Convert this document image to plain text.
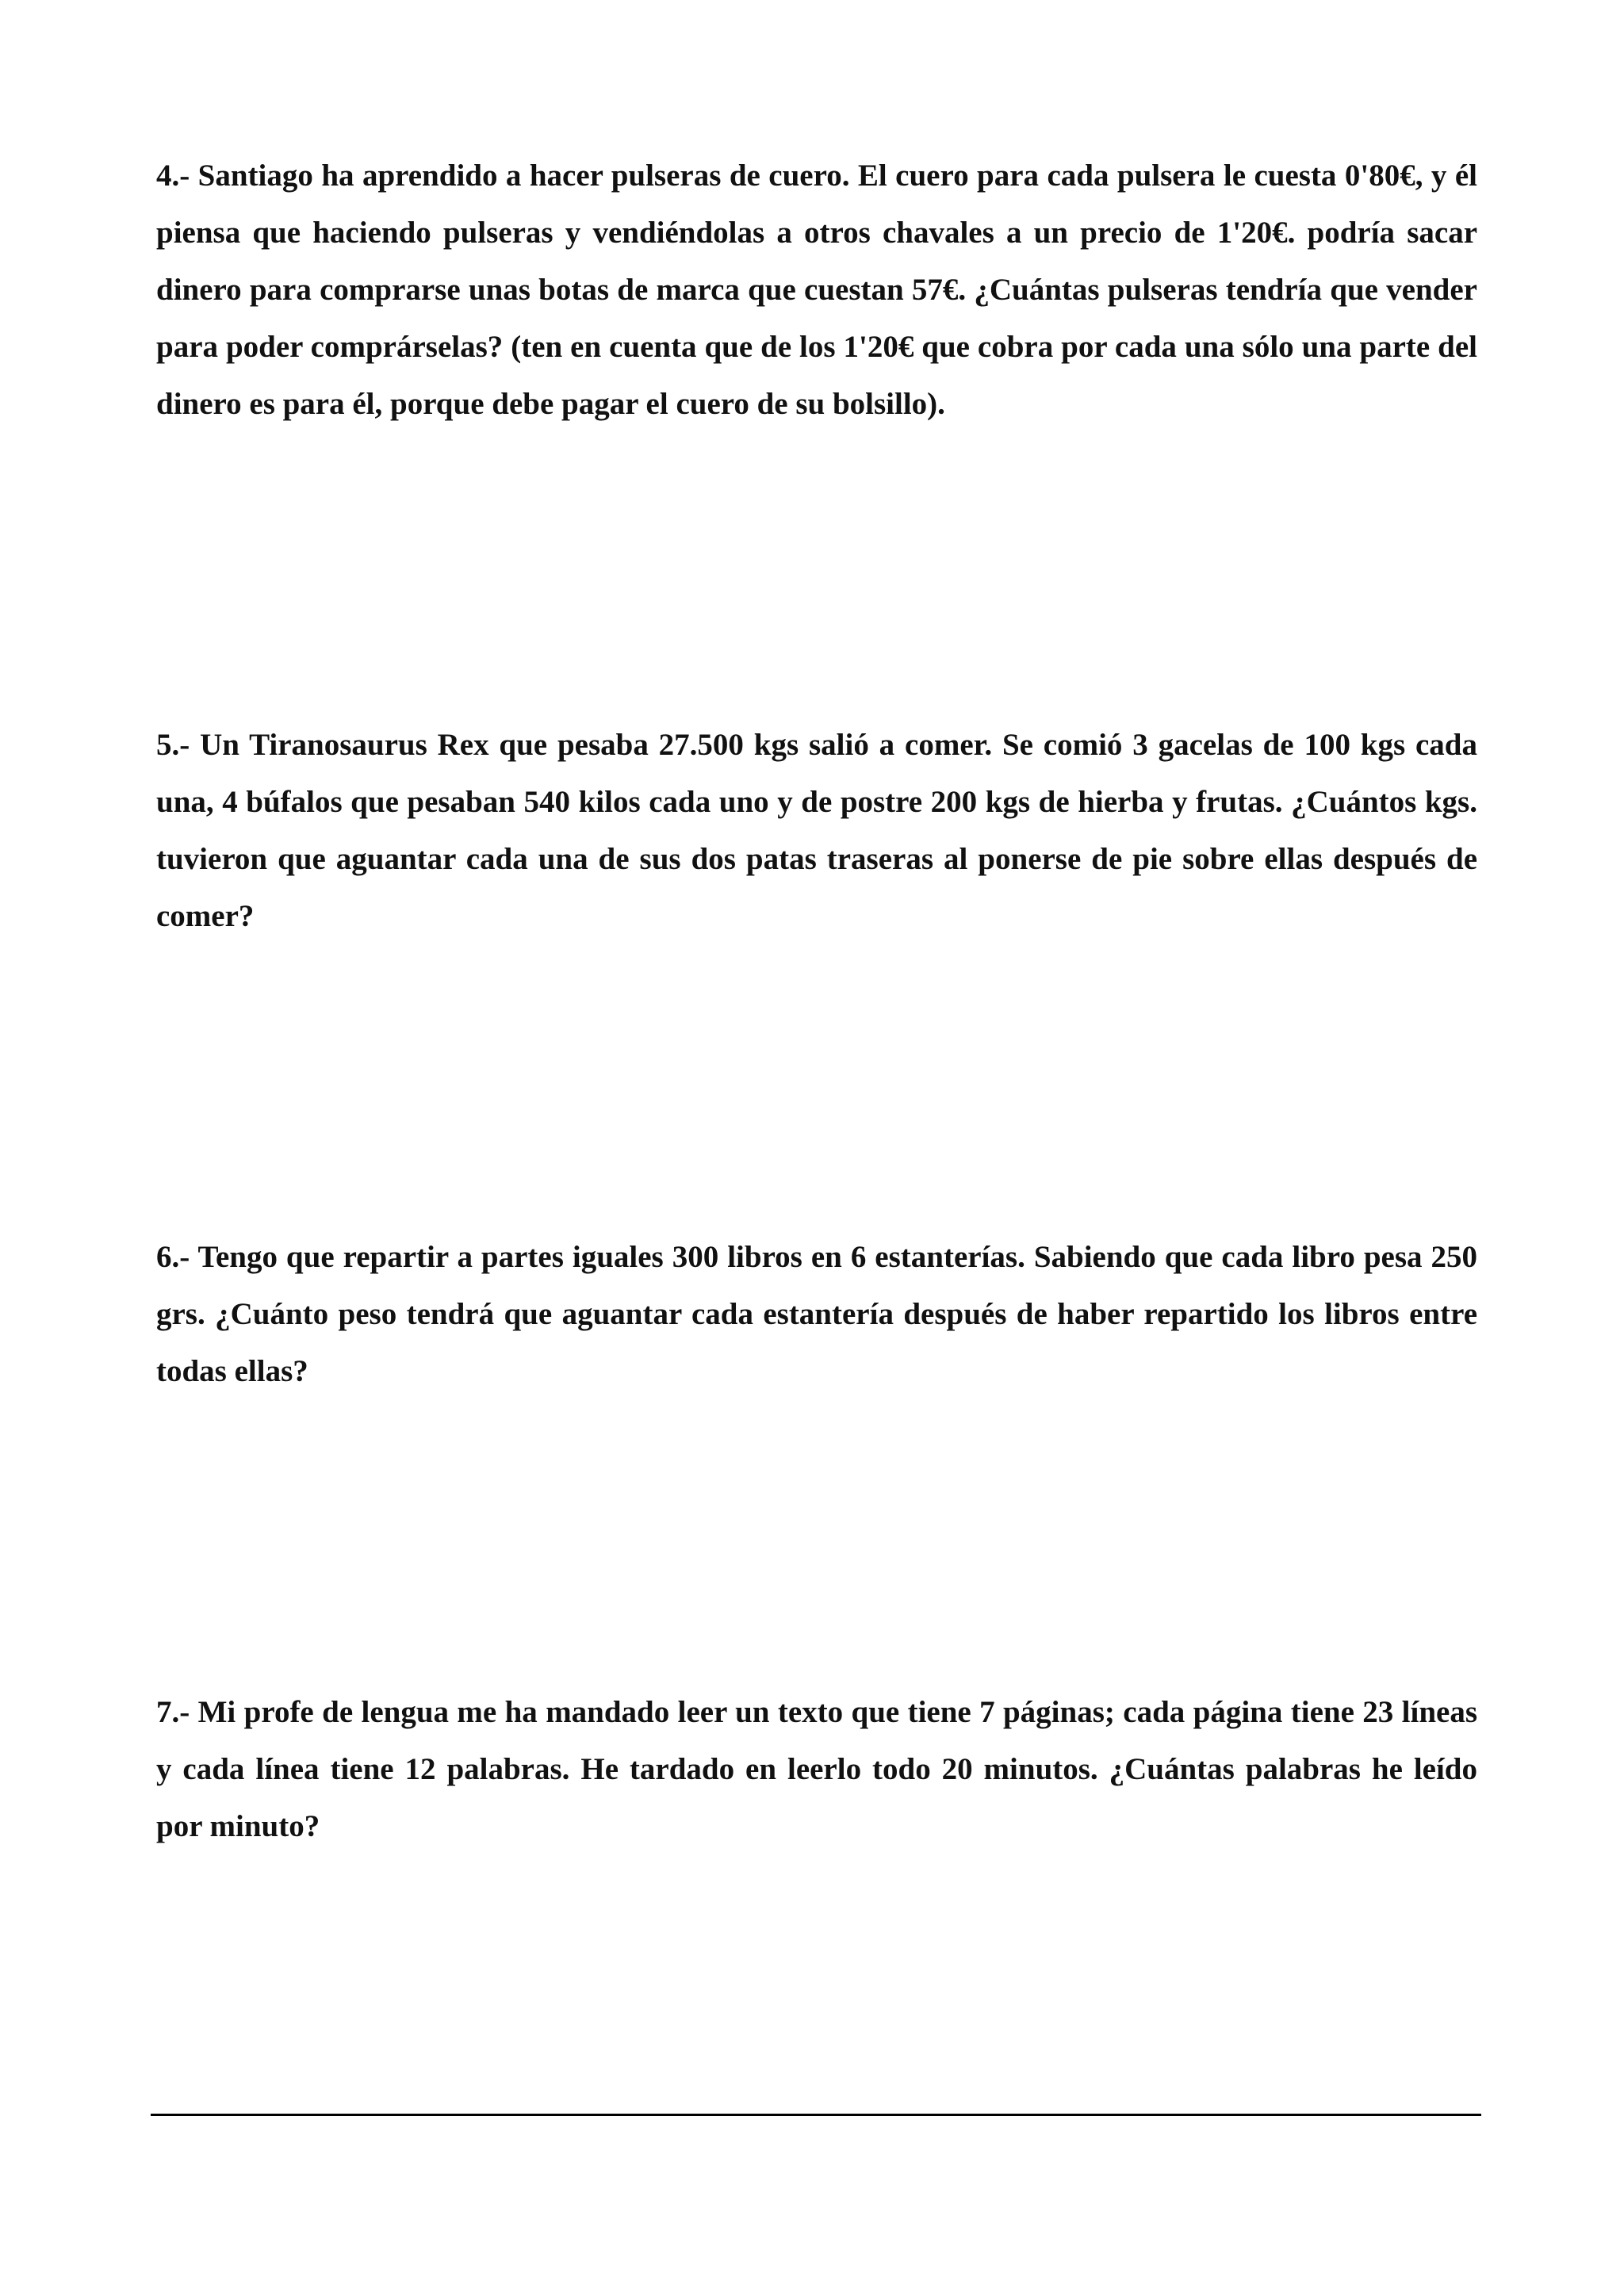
4.- Santiago ha aprendido a hacer pulseras de cuero. El cuero para cada pulsera le cuesta 0'80€, y él piensa que haciendo pulseras y vendiéndolas a otros chavales a un precio de 1'20€. podría sacar dinero para comprarse unas botas de marca que cuestan 57€. ¿Cuántas pulseras tendría que vender para poder comprárselas? (ten en cuenta que de los 1'20€ que cobra por cada una sólo una parte del dinero es para él, porque debe pagar el cuero de su bolsillo).

5.- Un Tiranosaurus Rex que pesaba 27.500 kgs salió a comer. Se comió 3 gacelas de 100 kgs cada una, 4 búfalos que pesaban 540 kilos cada uno y de postre 200 kgs de hierba y frutas. ¿Cuántos kgs. tuvieron que aguantar cada una de sus dos patas traseras al ponerse de pie sobre ellas después de comer?

6.- Tengo que repartir a partes iguales 300 libros en 6 estanterías. Sabiendo que cada libro pesa 250 grs. ¿Cuánto peso tendrá que aguantar cada estantería después de haber repartido los libros entre todas ellas?

7.- Mi profe de lengua me ha mandado leer un texto que tiene 7 páginas; cada página tiene 23 líneas y cada línea tiene 12 palabras. He tardado en leerlo todo 20 minutos. ¿Cuántas palabras he leído por minuto?
